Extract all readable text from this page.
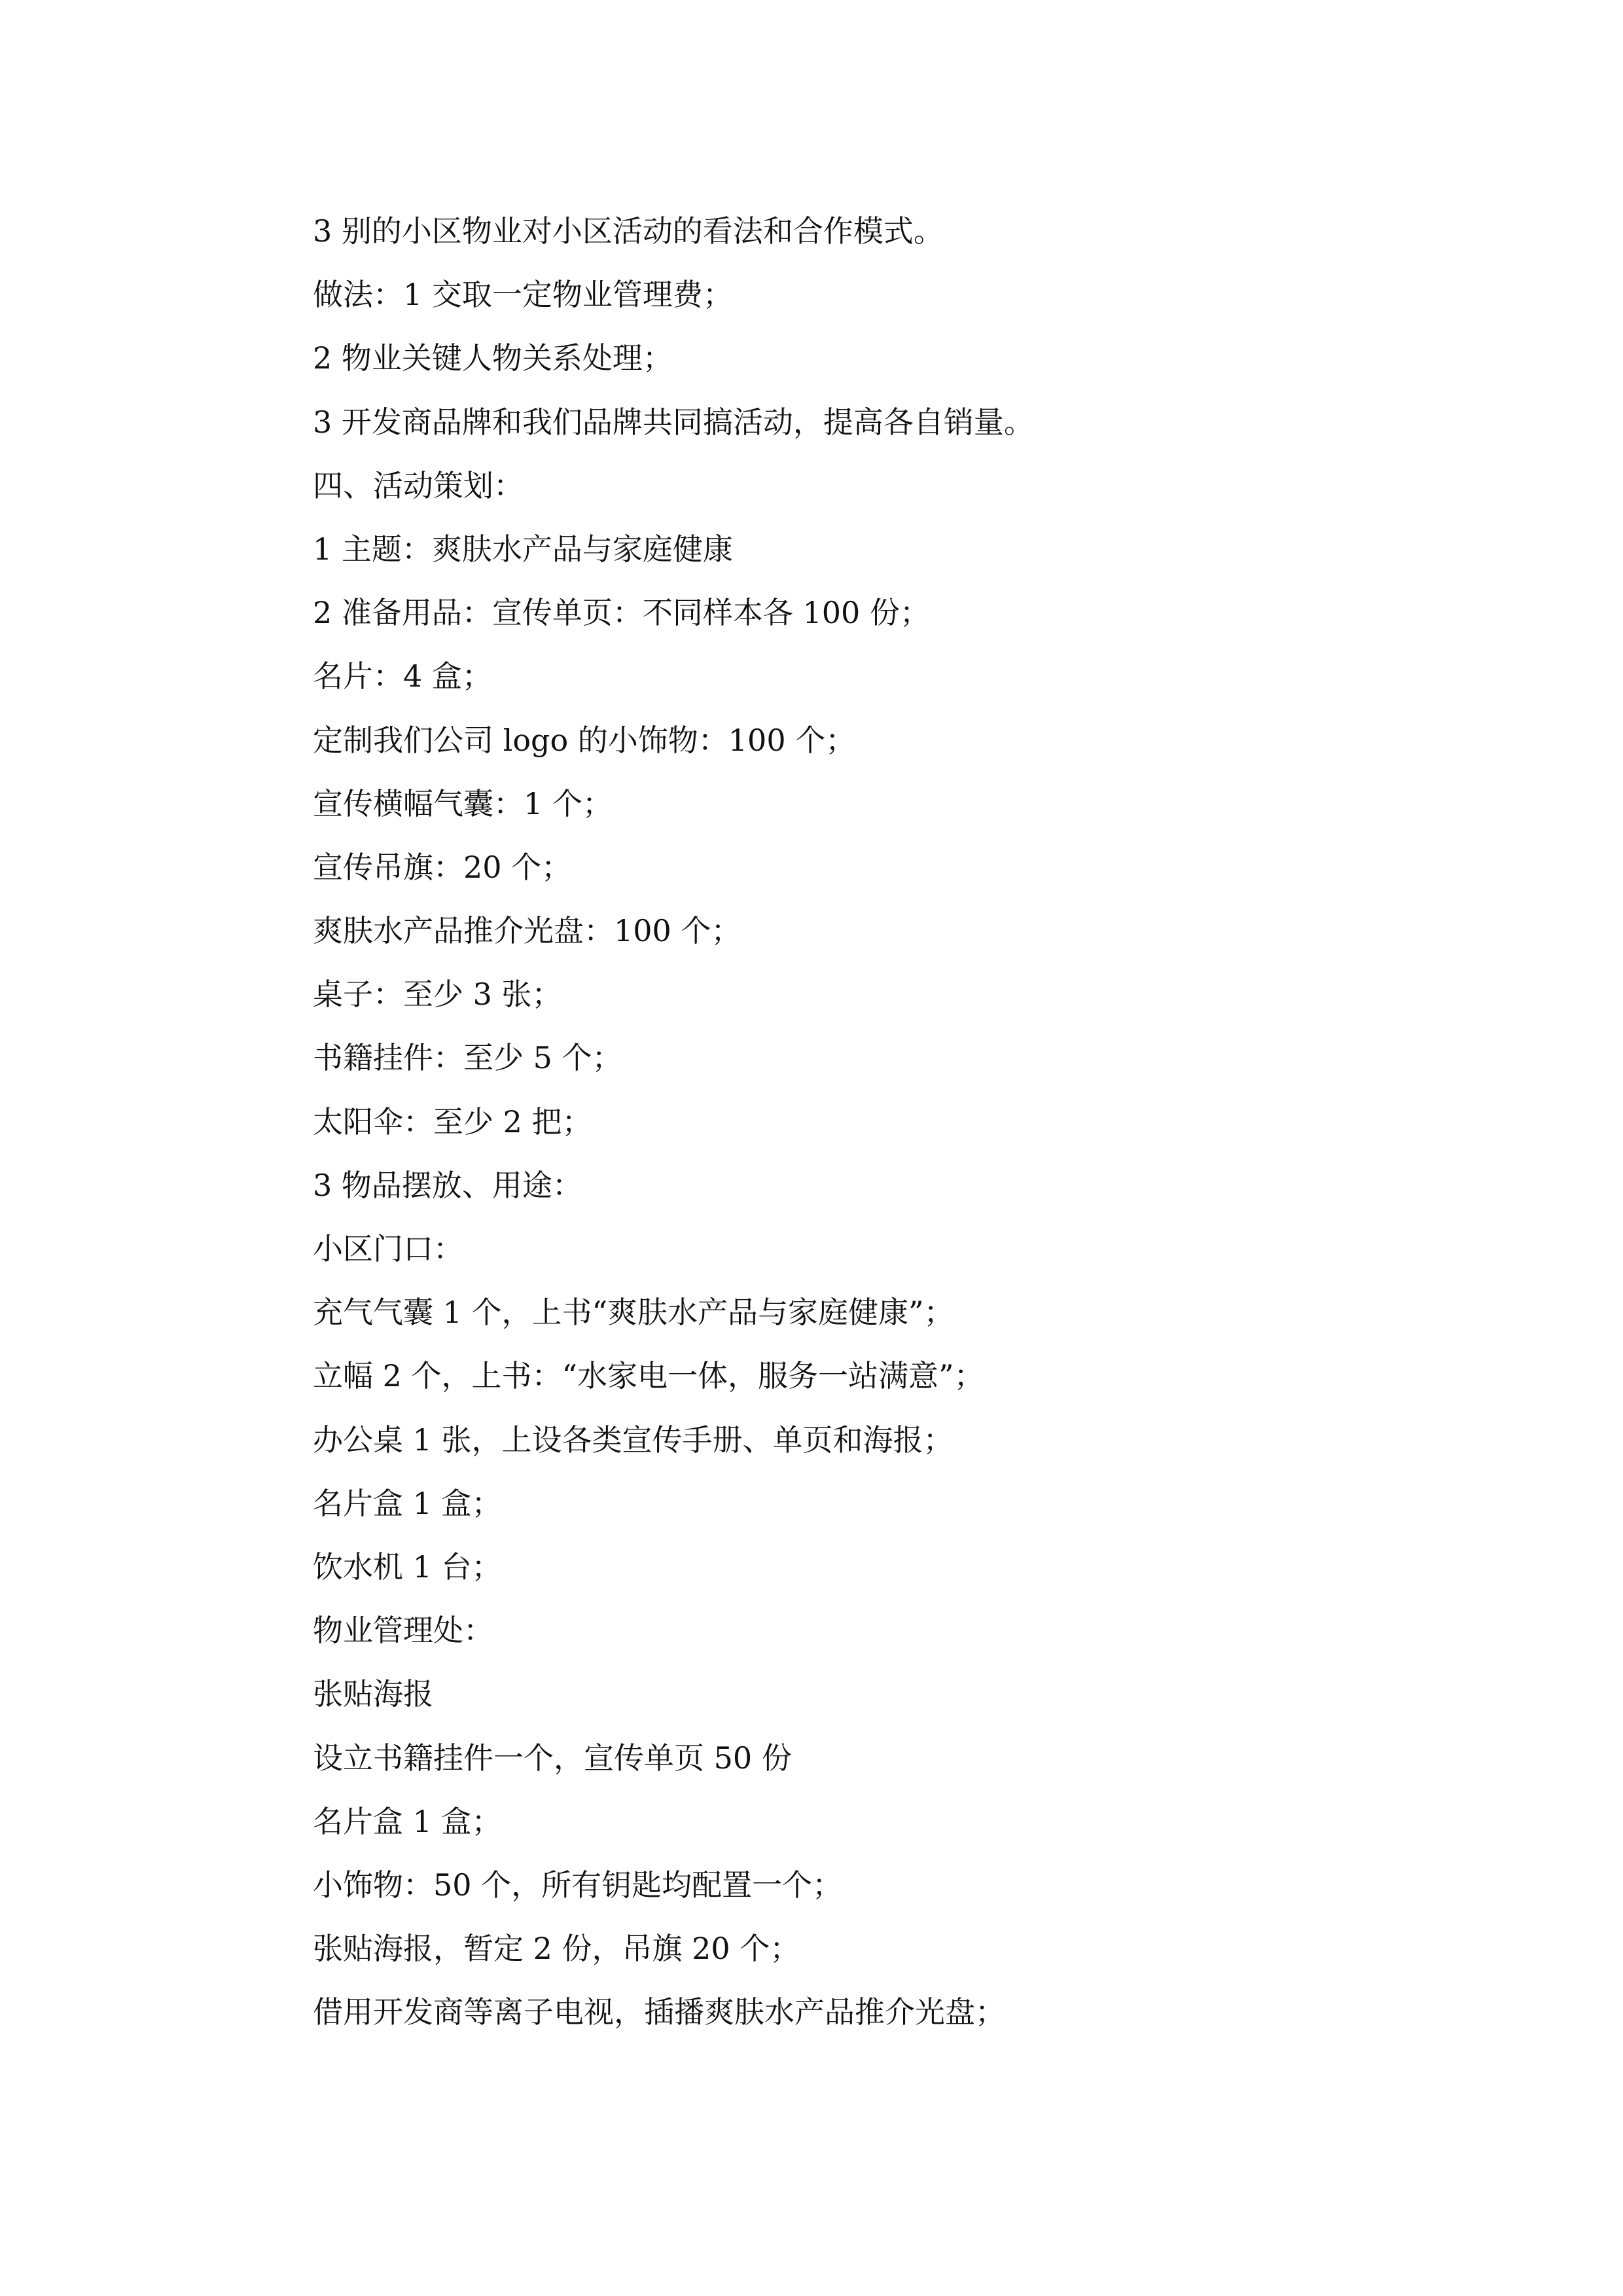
3 别的小区物业对小区活动的看法和合作模式。
做法：1 交取一定物业管理费；
2 物业关键人物关系处理；
3 开发商品牌和我们品牌共同搞活动，提高各自销量。
四、活动策划：
1 主题：爽肤水产品与家庭健康
2 准备用品：宣传单页：不同样本各 100 份；
名片：4 盒；
定制我们公司 logo 的小饰物：100 个；
宣传横幅气囊：1 个；
宣传吊旗：20 个；
爽肤水产品推介光盘：100 个；
桌子：至少 3 张；
书籍挂件：至少 5 个；
太阳伞：至少 2 把；
3 物品摆放、用途：
小区门口：
充气气囊 1 个，上书“爽肤水产品与家庭健康”；
立幅 2 个，上书：“水家电一体，服务一站满意”；
办公桌 1 张，上设各类宣传手册、单页和海报；
名片盒 1 盒；
饮水机 1 台；
物业管理处：
张贴海报
设立书籍挂件一个，宣传单页 50 份
名片盒 1 盒；
小饰物：50 个，所有钥匙均配置一个；
张贴海报，暂定 2 份，吊旗 20 个；
借用开发商等离子电视，插播爽肤水产品推介光盘；
